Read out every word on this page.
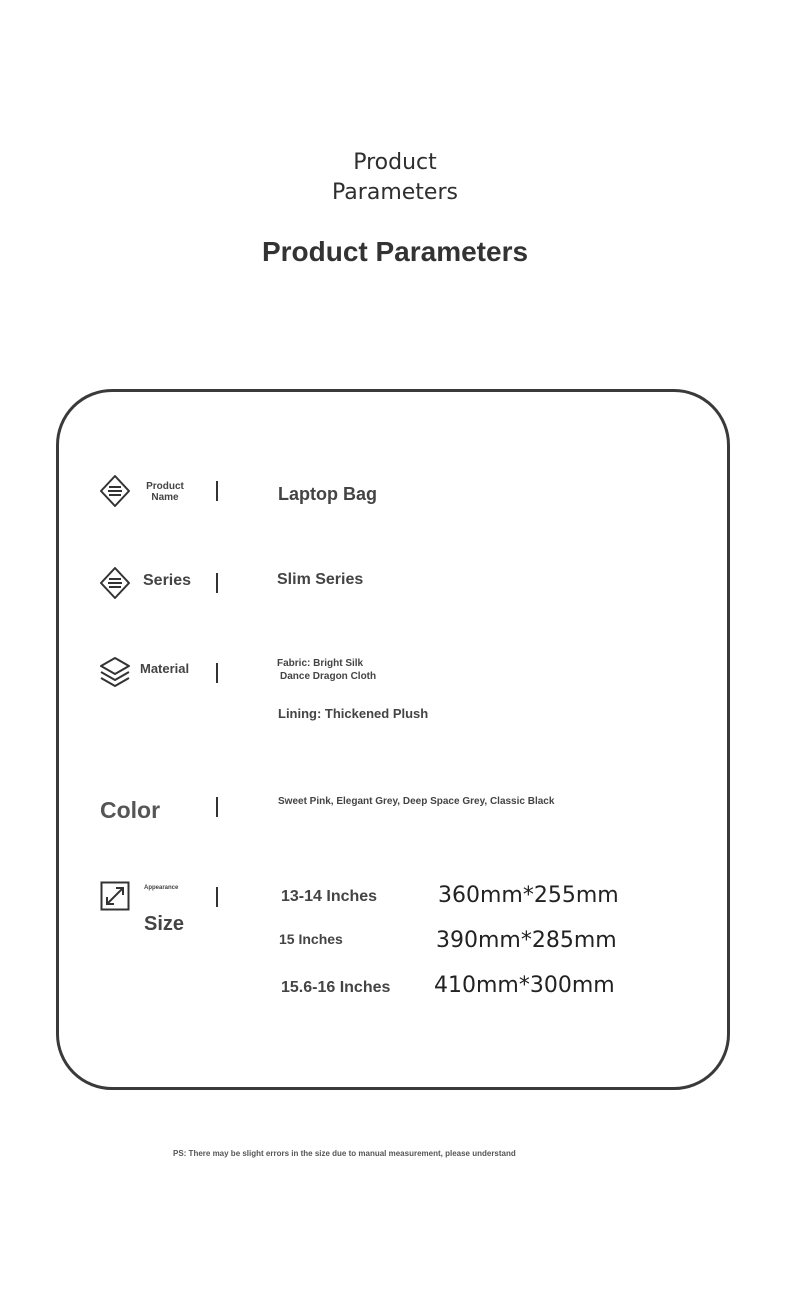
Product
Parameters
Product Parameters
Product
Name	Laptop Bag
Series	Slim Series
Material	Fabric: Bright Silk
Dance Dragon Cloth
Lining: Thickened Plush
Color	Sweet Pink, Elegant Grey, Deep Space Grey, Classic Black
Appearance
Size
13-14 Inches	360mm*255mm
15 Inches	390mm*285mm
15.6-16 Inches 410mm*300mm
PS: There may be slight errors in the size due to manual measurement, please understand
